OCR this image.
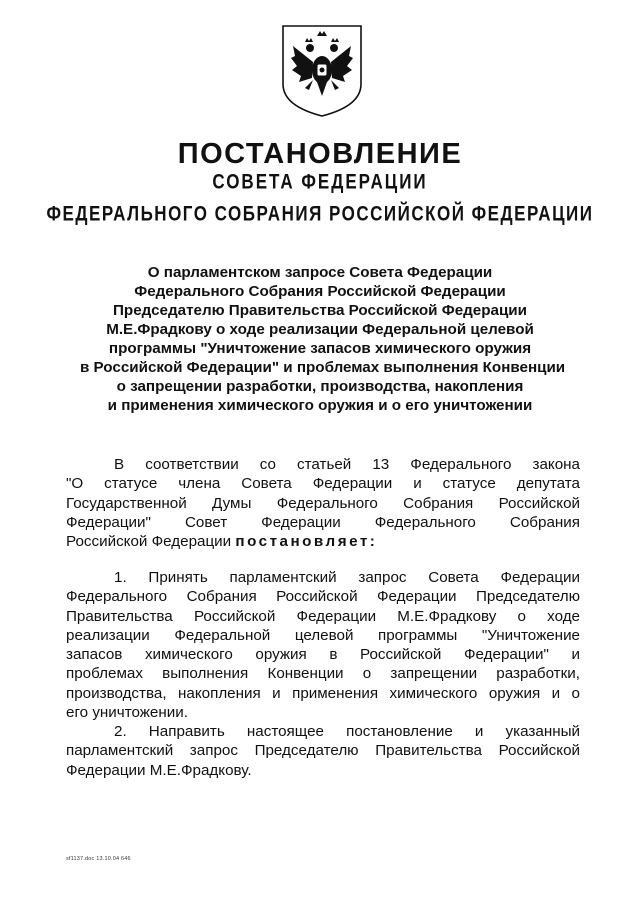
ПОСТАНОВЛЕНИЕ
СОВЕТА ФЕДЕРАЦИИ
ФЕДЕРАЛЬНОГО СОБРАНИЯ РОССИЙСКОЙ ФЕДЕРАЦИИ
О парламентском запросе Совета Федерации
Федерального Собрания Российской Федерации
Председателю Правительства Российской Федерации
М.Е.Фрадкову о ходе реализации Федеральной целевой
программы "Уничтожение запасов химического оружия
в Российской Федерации" и проблемах выполнения Конвенции
о запрещении разработки, производства, накопления
и применения химического оружия и о его уничтожении
В соответствии со статьей 13 Федерального закона
"О статусе члена Совета Федерации и статусе депутата
Государственной Думы Федерального Собрания Российской
Федерации" Совет Федерации Федерального Собрания
Российской Федерации постановляет:
1. Принять парламентский запрос Совета Федерации
Федерального Собрания Российской Федерации Председателю
Правительства Российской Федерации М.Е.Фрадкову о ходе
реализации Федеральной целевой программы "Уничтожение
запасов химического оружия в Российской Федерации" и
проблемах выполнения Конвенции о запрещении разработки,
производства, накопления и применения химического оружия и о
его уничтожении.
2. Направить настоящее постановление и указанный
парламентский запрос Председателю Правительства Российской
Федерации М.Е.Фрадкову.
sf1137.doc 13.10.04 646
